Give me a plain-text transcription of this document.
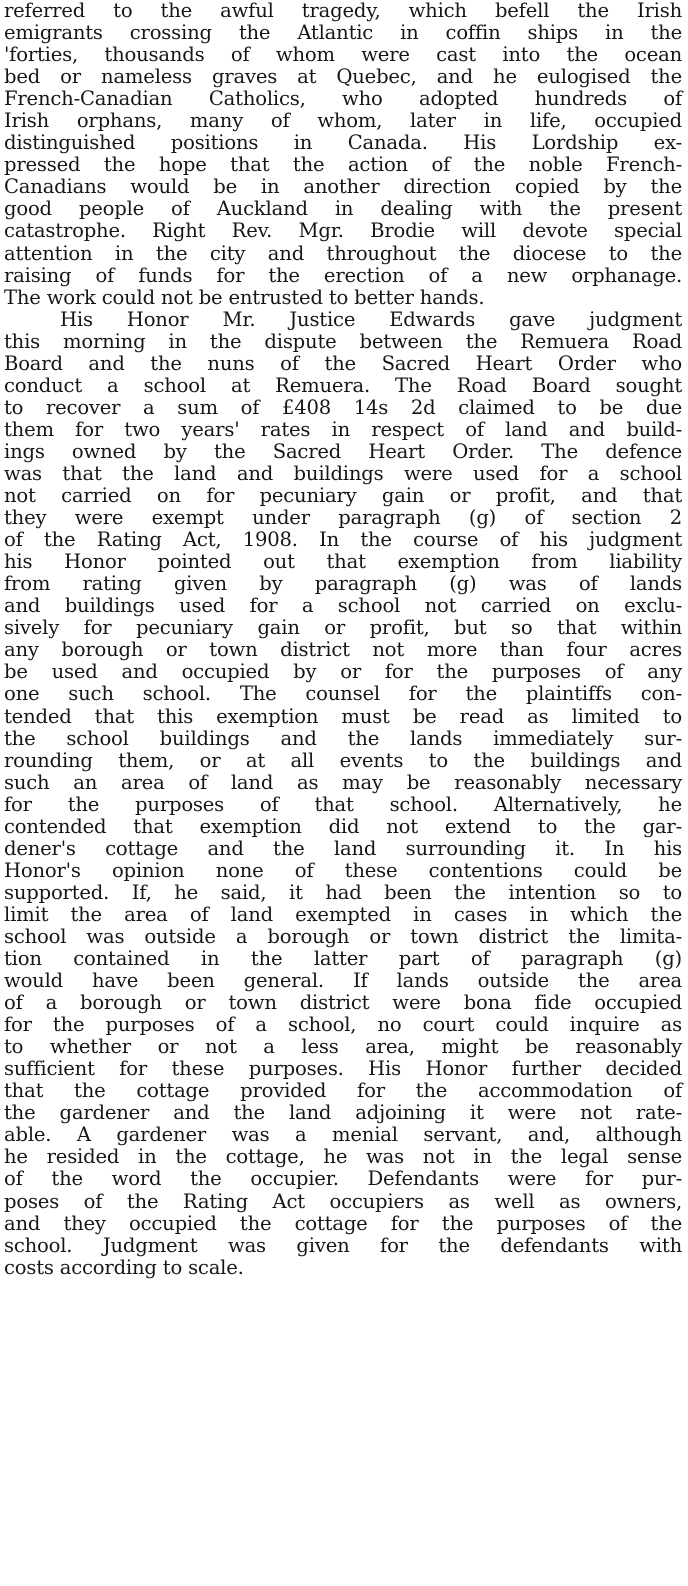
referred to the awful tragedy, which befell the Irish
emigrants crossing the Atlantic in coffin ships in the
'forties, thousands of whom were cast into the ocean
bed or nameless graves at Quebec, and he eulogised the
French-Canadian Catholics, who adopted hundreds of
Irish orphans, many of whom, later in life, occupied
distinguished positions in Canada. His Lordship ex-
pressed the hope that the action of the noble French-
Canadians would be in another direction copied by the
good people of Auckland in dealing with the present
catastrophe. Right Rev. Mgr. Brodie will devote special
attention in the city and throughout the diocese to the
raising of funds for the erection of a new orphanage.
The work could not be entrusted to better hands.

His Honor Mr. Justice Edwards gave judgment
this morning in the dispute between the Remuera Road
Board and the nuns of the Sacred Heart Order who
conduct a school at Remuera. The Road Board sought
to recover a sum of £408 14s 2d claimed to be due
them for two years' rates in respect of land and build-
ings owned by the Sacred Heart Order. The defence
was that the land and buildings were used for a school
not carried on for pecuniary gain or profit, and that
they were exempt under paragraph (g) of section 2
of the Rating Act, 1908. In the course of his judgment
his Honor pointed out that exemption from liability
from rating given by paragraph (g) was of lands
and buildings used for a school not carried on exclu-
sively for pecuniary gain or profit, but so that within
any borough or town district not more than four acres
be used and occupied by or for the purposes of any
one such school. The counsel for the plaintiffs con-
tended that this exemption must be read as limited to
the school buildings and the lands immediately sur-
rounding them, or at all events to the buildings and
such an area of land as may be reasonably necessary
for the purposes of that school. Alternatively, he
contended that exemption did not extend to the gar-
dener's cottage and the land surrounding it. In his
Honor's opinion none of these contentions could be
supported. If, he said, it had been the intention so to
limit the area of land exempted in cases in which the
school was outside a borough or town district the limita-
tion contained in the latter part of paragraph (g)
would have been general. If lands outside the area
of a borough or town district were bona fide occupied
for the purposes of a school, no court could inquire as
to whether or not a less area, might be reasonably
sufficient for these purposes. His Honor further decided
that the cottage provided for the accommodation of
the gardener and the land adjoining it were not rate-
able. A gardener was a menial servant, and, although
he resided in the cottage, he was not in the legal sense
of the word the occupier. Defendants were for pur-
poses of the Rating Act occupiers as well as owners,
and they occupied the cottage for the purposes of the
school. Judgment was given for the defendants with
costs according to scale.
